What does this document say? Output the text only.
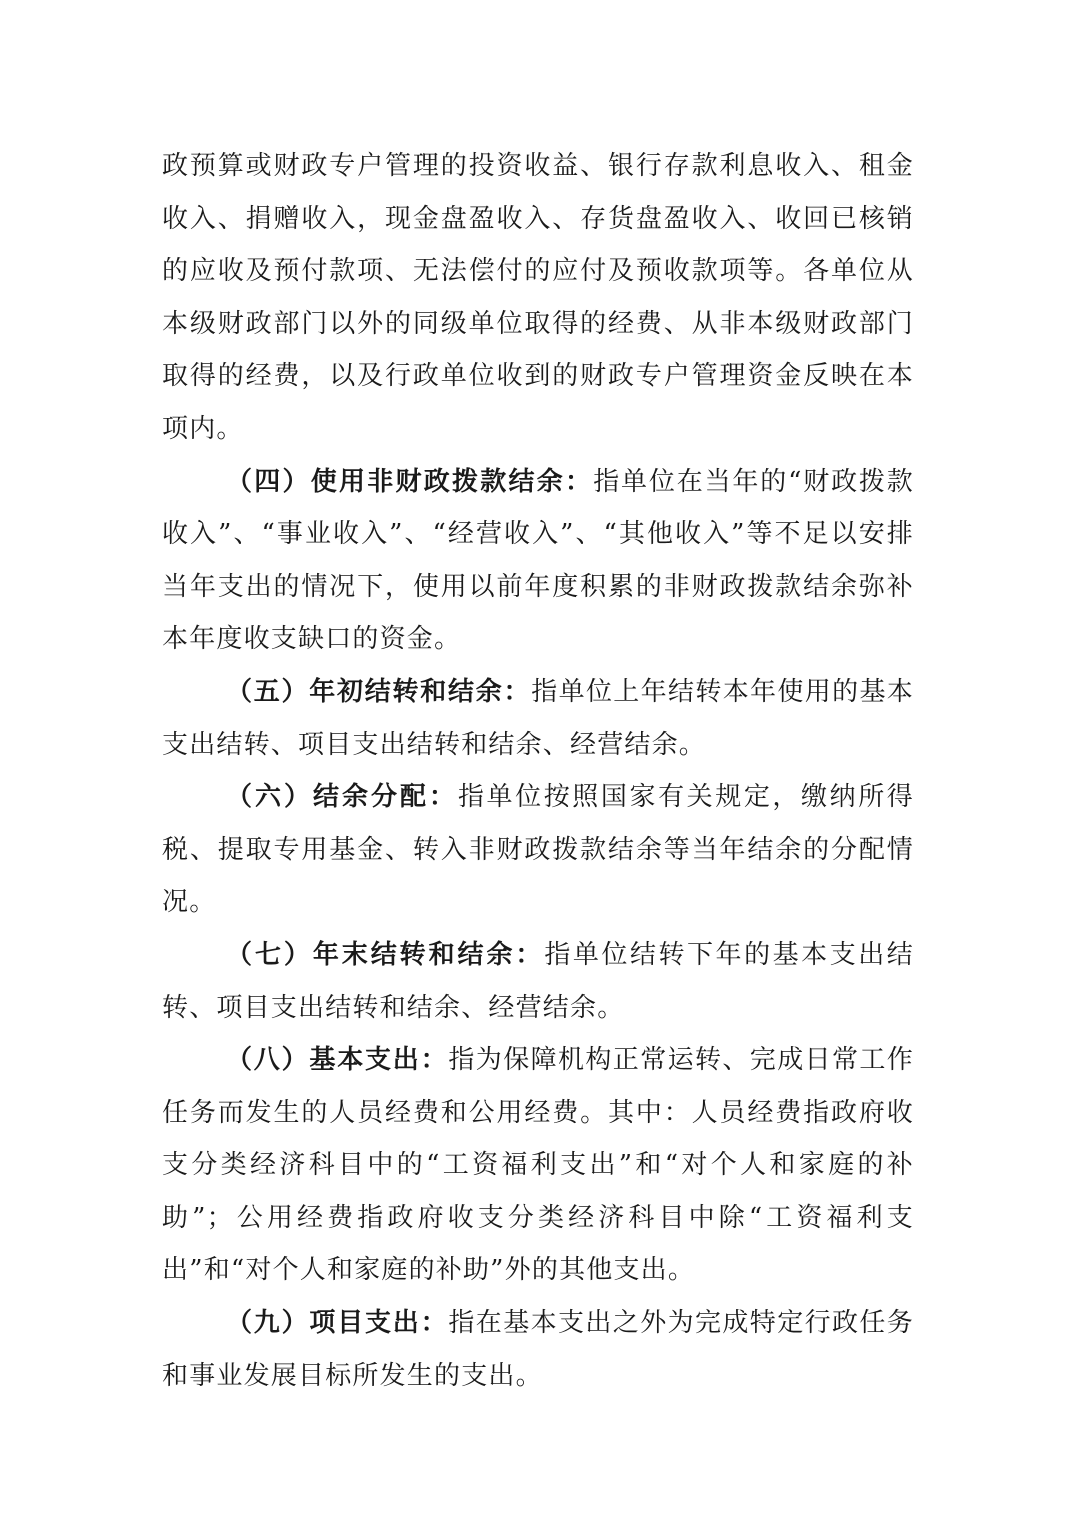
政预算或财政专户管理的投资收益、银行存款利息收入、租金收入、捐赠收入，现金盘盈收入、存货盘盈收入、收回已核销的应收及预付款项、无法偿付的应付及预收款项等。各单位从本级财政部门以外的同级单位取得的经费、从非本级财政部门取得的经费，以及行政单位收到的财政专户管理资金反映在本项内。

（四）使用非财政拨款结余：指单位在当年的“财政拨款收入”、“事业收入”、“经营收入”、“其他收入”等不足以安排当年支出的情况下，使用以前年度积累的非财政拨款结余弥补本年度收支缺口的资金。

（五）年初结转和结余：指单位上年结转本年使用的基本支出结转、项目支出结转和结余、经营结余。

（六）结余分配：指单位按照国家有关规定，缴纳所得税、提取专用基金、转入非财政拨款结余等当年结余的分配情况。

（七）年末结转和结余：指单位结转下年的基本支出结转、项目支出结转和结余、经营结余。

（八）基本支出：指为保障机构正常运转、完成日常工作任务而发生的人员经费和公用经费。其中：人员经费指政府收支分类经济科目中的“工资福利支出”和“对个人和家庭的补助”；公用经费指政府收支分类经济科目中除“工资福利支出”和“对个人和家庭的补助”外的其他支出。

（九）项目支出：指在基本支出之外为完成特定行政任务和事业发展目标所发生的支出。
